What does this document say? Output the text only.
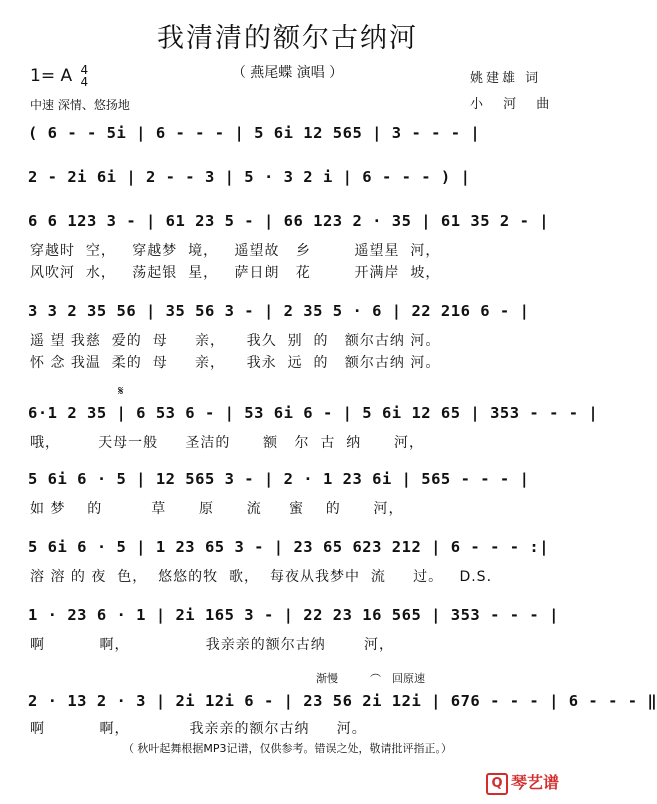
我清清的额尔古纳河
（ 燕尾蝶 演唱 ）
1= A 4
4
中速 深情、悠扬地
姚建雄 词
小 河 曲
( 6 - - 5i | 6 - - - | 5 6i 12 565 | 3 - - - |
2 - 2i 6i | 2 - - 3 | 5 · 3 2 i | 6 - - - ) |
6 6 123 3 - | 61 23 5 - | 66 123 2 · 35 | 61 35 2 - |
穿越时  空，   穿越梦  境，   遥望故   乡        遥望星  河，
风吹河  水，   荡起银  星，   萨日朗   花        开满岸  坡，
3 3 2 35 56 | 35 56 3 - | 2 35 5 · 6 | 22 216 6 - |
遥 望 我慈  爱的  母     亲，    我久  别  的   额尔古纳 河。
怀 念 我温  柔的  母     亲，    我永  远  的   额尔古纳 河。
𝄋
6·1 2 35 | 6 53 6 - | 53 6i 6 - | 5 6i 12 65 | 353 - - - |
哦，       天母一般     圣洁的      额   尔  古  纳      河，
5 6i 6 · 5 | 12 565 3 - | 2 · 1 23 6i | 565 - - - |
如 梦    的         草      原      流     蜜    的      河，
5 6i 6 · 5 | 1 23 65 3 - | 23 65 623 212 | 6 - - - :|
溶 溶 的 夜  色，  悠悠的牧  歌，  每夜从我梦中  流     过。   D.S.
1 · 23 6 · 1 | 2i 165 3 - | 22 23 16 565 | 353 - - - |
啊          啊，              我亲亲的额尔古纳       河，
渐慢	︵ 回原速
2 · 13 2 · 3 | 2i 12i 6 - | 23 56 2i 12i | 676 - - - | 6 - - - ‖
啊          啊，           我亲亲的额尔古纳     河。
（ 秋叶起舞根据MP3记谱，仅供参考。错误之处，敬请批评指正。）
Q 琴艺谱
